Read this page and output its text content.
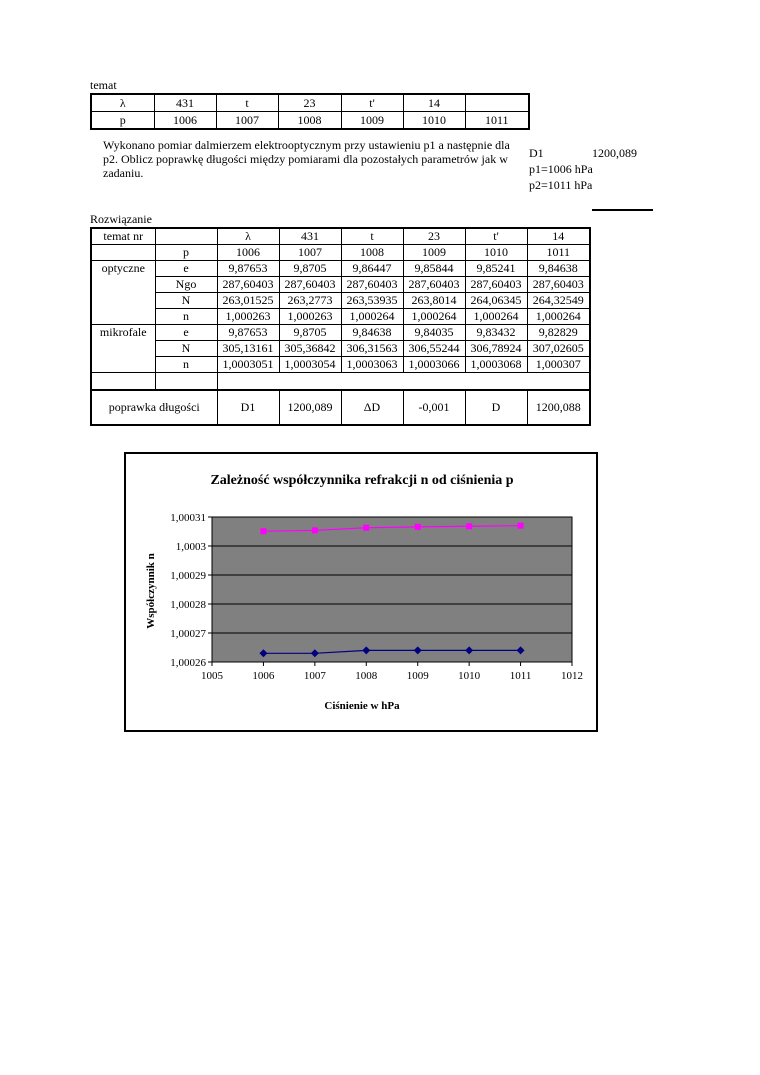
temat
λ	431	t	23	t'	14	
p	1006	1007	1008	1009	1010	1011
Wykonano pomiar dalmierzem elektrooptycznym przy ustawieniu p1 a następnie dla p2. Oblicz poprawkę długości między pomiarami dla pozostałych parametrów jak w zadaniu.
D1	1200,089
p1=1006 hPa
p2=1011 hPa
Rozwiązanie
temat nr		λ	431	t	23	t'	14
	p	1006	1007	1008	1009	1010	1011
optyczne	e	9,87653	9,8705	9,86447	9,85844	9,85241	9,84638
	Ngo	287,60403	287,60403	287,60403	287,60403	287,60403	287,60403
	N	263,01525	263,2773	263,53935	263,8014	264,06345	264,32549
	n	1,000263	1,000263	1,000264	1,000264	1,000264	1,000264
mikrofale	e	9,87653	9,8705	9,84638	9,84035	9,83432	9,82829
	N	305,13161	305,36842	306,31563	306,55244	306,78924	307,02605
	n	1,0003051	1,0003054	1,0003063	1,0003066	1,0003068	1,000307

poprawka długości		D1	1200,089	ΔD	-0,001	D	1200,088
Zależność współczynnika refrakcji n od ciśnienia p
1,00026
1,00027
1,00028
1,00029
1,0003
1,00031
1005	1006	1007	1008	1009	1010	1011	1012
Ciśnienie w hPa
Współczynnik n
